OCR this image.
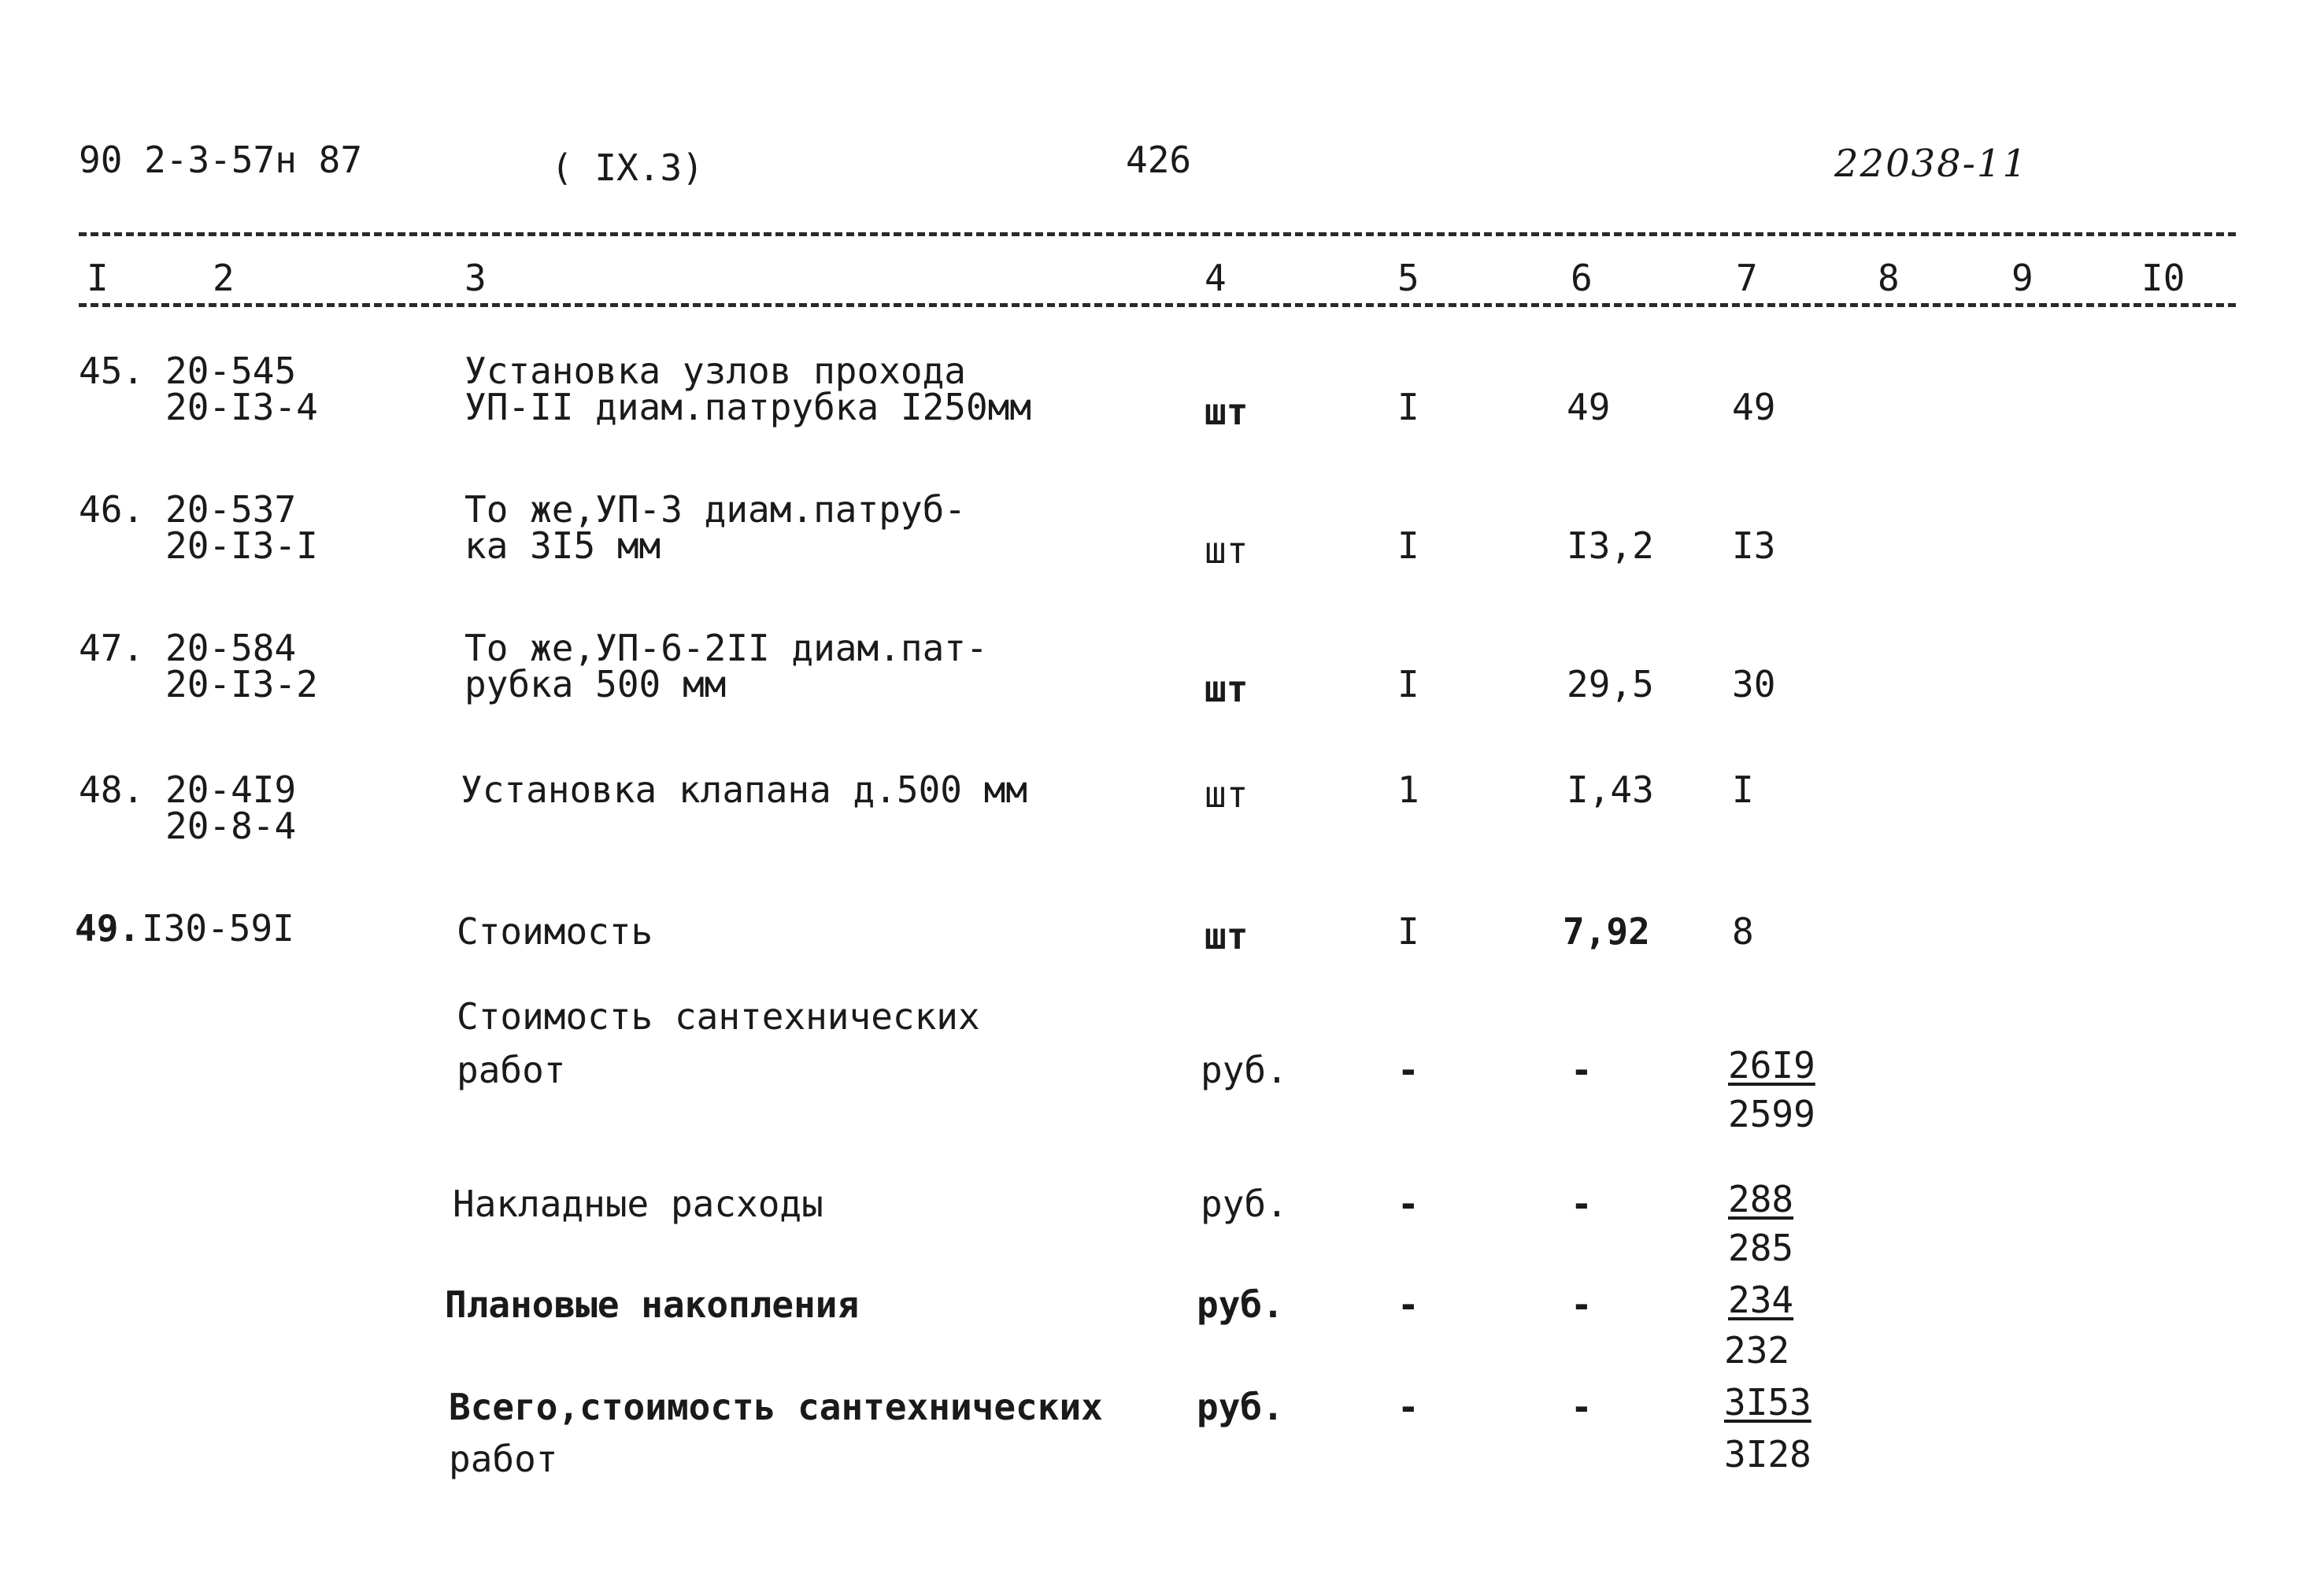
90 2-3-57н 87	( IX.3)	426	22038-11
I	2	3	4	5	6	7	8	9	I0
45. 20-545
20-I3-4
Установка узлов прохода
УП-II диам.патрубка I250мм	шт	I	49	49
46. 20-537
20-I3-I
То же,УП-3 диам.патруб-
ка 3I5 мм	шт	I	I3,2 I3
47. 20-584
20-I3-2
То же,УП-6-2II диам.пат-
рубка 500 мм	шт	I	29,5 30
48. 20-4I9
20-8-4
Установка клапана д.500 мм	шт	1	I,43 I
49. I30-59I	Стоимость	шт	I	7,92 8
Стоимость сантехнических
работ	руб.	-	-	26I9
2599
Накладные расходы	руб.	-	-	288
285
Плановые накопления	руб.	-	-	234
232
Всего,стоимость сантехнических
работ
руб.	-	-	3I53
3I28
